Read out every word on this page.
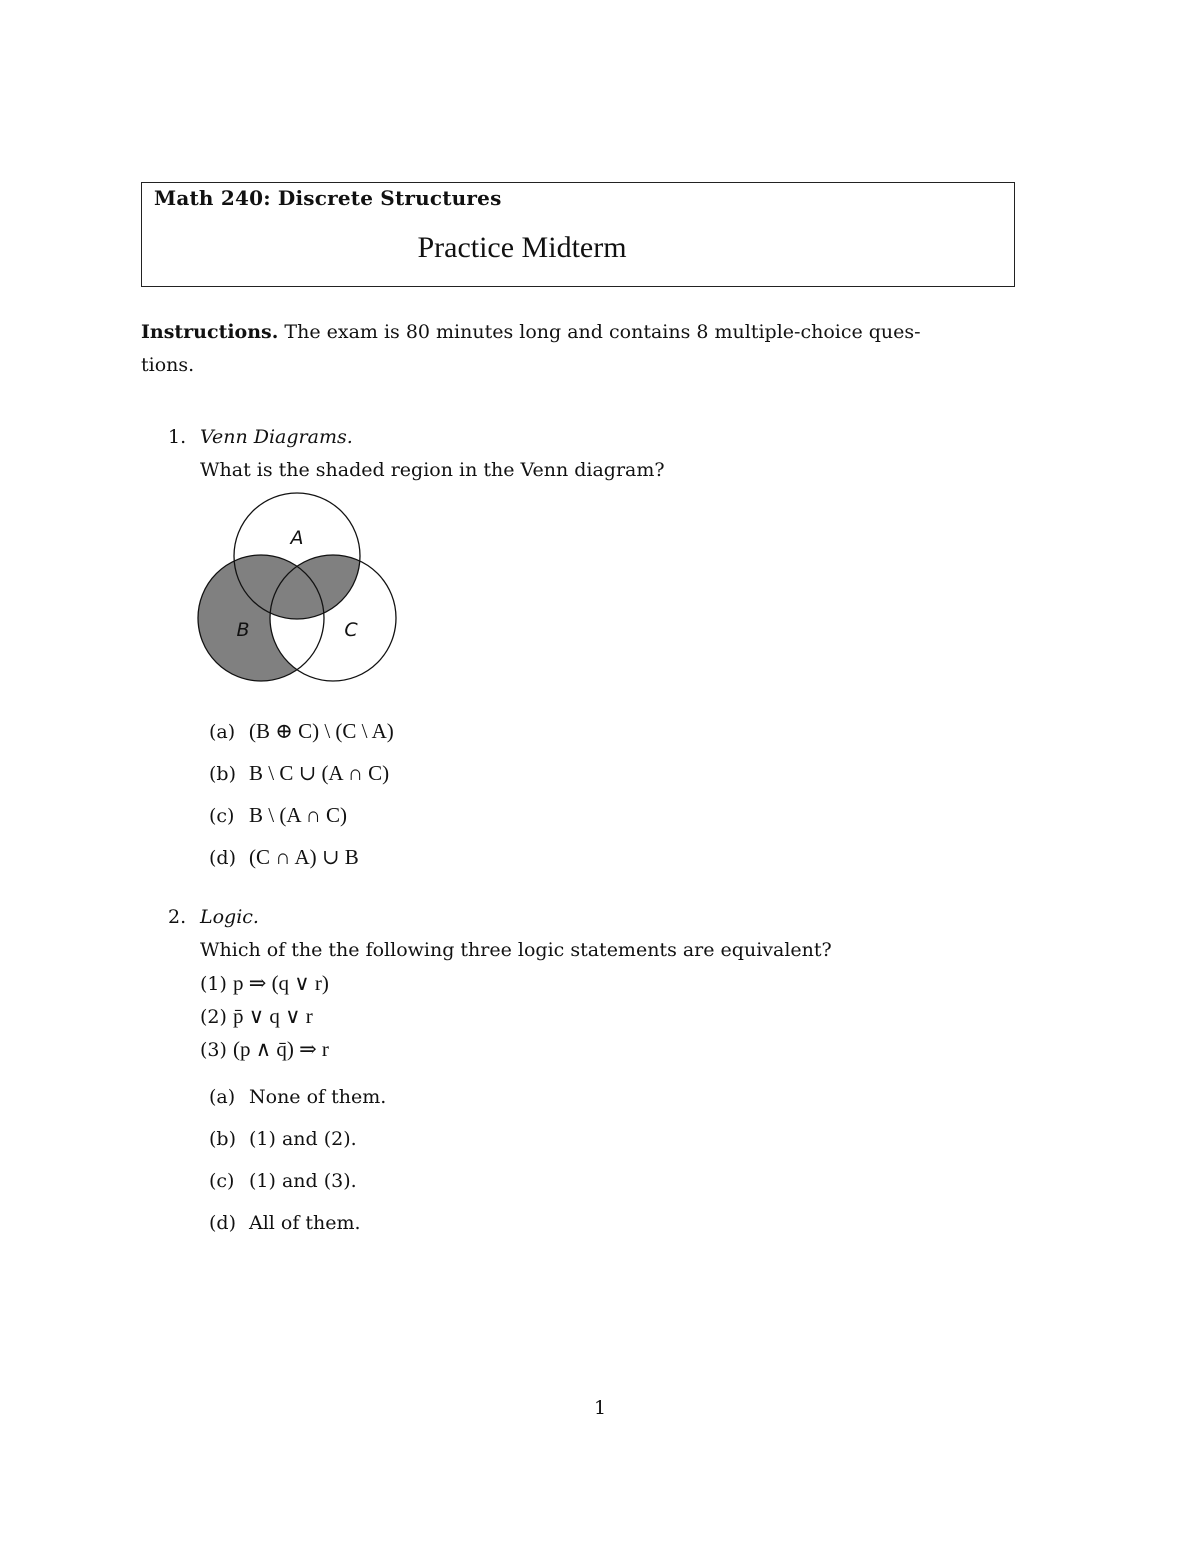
Math 240: Discrete Structures
Practice Midterm
Instructions. The exam is 80 minutes long and contains 8 multiple-choice ques-
tions.
1. Venn Diagrams.
What is the shaded region in the Venn diagram?
A
B	C
(a) (B ⊕ C) \ (C \ A)
(b) B \ C ∪ (A ∩ C)
(c) B \ (A ∩ C)
(d) (C ∩ A) ∪ B
2. Logic.
Which of the the following three logic statements are equivalent?
(1) p ⇒ (q ∨ r)
(2) p̄ ∨ q ∨ r
(3) (p ∧ q̄) ⇒ r
(a) None of them.
(b) (1) and (2).
(c) (1) and (3).
(d) All of them.
1
